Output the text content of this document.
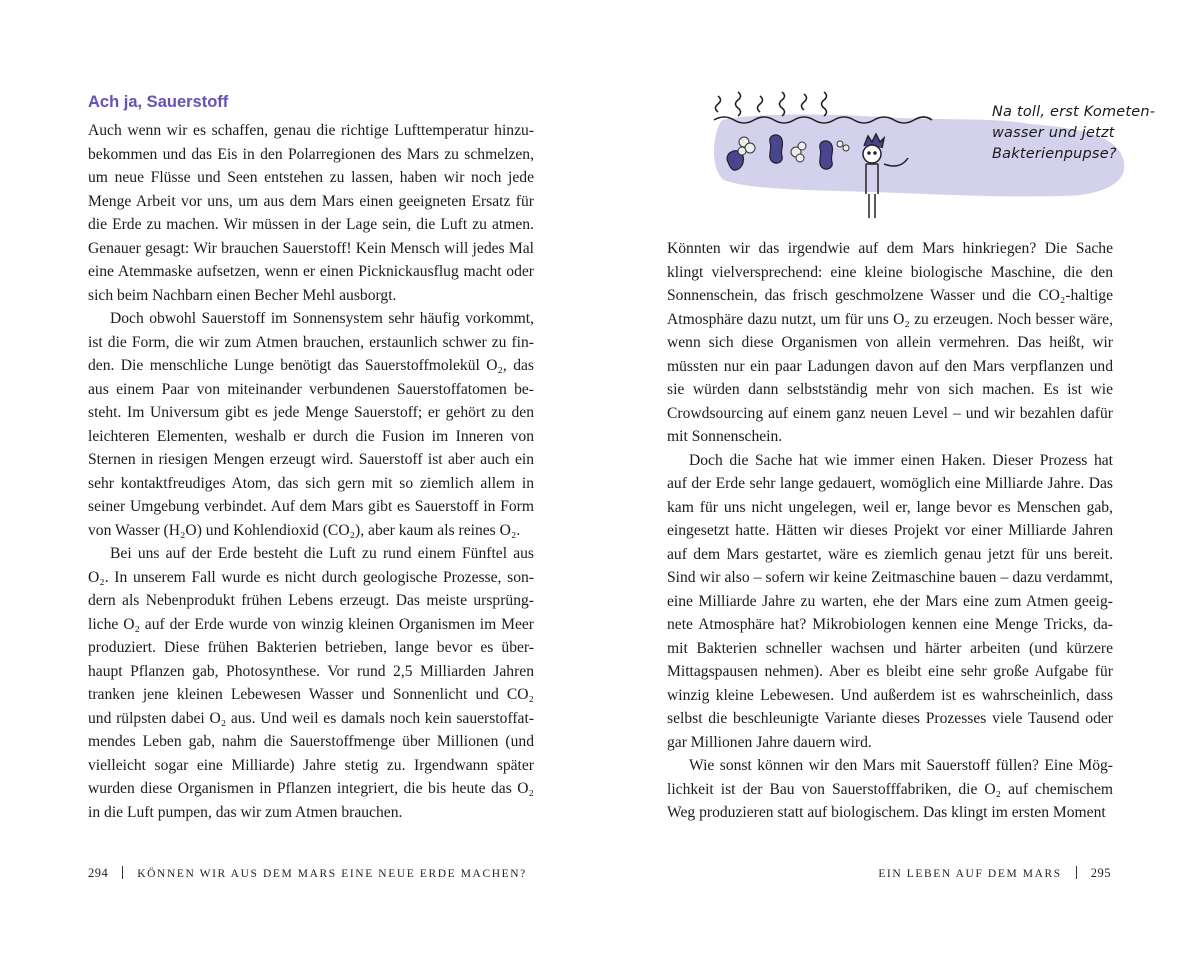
Ach ja, Sauerstoff

Auch wenn wir es schaffen, genau die richtige Lufttemperatur hinzu-
bekommen und das Eis in den Polarregionen des Mars zu schmelzen,
um neue Flüsse und Seen entstehen zu lassen, haben wir noch jede
Menge Arbeit vor uns, um aus dem Mars einen geeigneten Ersatz für
die Erde zu machen. Wir müssen in der Lage sein, die Luft zu atmen.
Genauer gesagt: Wir brauchen Sauerstoff! Kein Mensch will jedes Mal
eine Atemmaske aufsetzen, wenn er einen Picknickausflug macht oder
sich beim Nachbarn einen Becher Mehl ausborgt.

Doch obwohl Sauerstoff im Sonnensystem sehr häufig vorkommt,
ist die Form, die wir zum Atmen brauchen, erstaunlich schwer zu fin-
den. Die menschliche Lunge benötigt das Sauerstoffmolekül O₂, das
aus einem Paar von miteinander verbundenen Sauerstoffatomen be-
steht. Im Universum gibt es jede Menge Sauerstoff; er gehört zu den
leichteren Elementen, weshalb er durch die Fusion im Inneren von
Sternen in riesigen Mengen erzeugt wird. Sauerstoff ist aber auch ein
sehr kontaktfreudiges Atom, das sich gern mit so ziemlich allem in
seiner Umgebung verbindet. Auf dem Mars gibt es Sauerstoff in Form
von Wasser (H₂O) und Kohlendioxid (CO₂), aber kaum als reines O₂.

Bei uns auf der Erde besteht die Luft zu rund einem Fünftel aus
O₂. In unserem Fall wurde es nicht durch geologische Prozesse, son-
dern als Nebenprodukt frühen Lebens erzeugt. Das meiste ursprüng-
liche O₂ auf der Erde wurde von winzig kleinen Organismen im Meer
produziert. Diese frühen Bakterien betrieben, lange bevor es über-
haupt Pflanzen gab, Photosynthese. Vor rund 2,5 Milliarden Jahren
tranken jene kleinen Lebewesen Wasser und Sonnenlicht und CO₂
und rülpsten dabei O₂ aus. Und weil es damals noch kein sauerstoffat-
mendes Leben gab, nahm die Sauerstoffmenge über Millionen (und
vielleicht sogar eine Milliarde) Jahre stetig zu. Irgendwann später
wurden diese Organismen in Pflanzen integriert, die bis heute das O₂
in die Luft pumpen, das wir zum Atmen brauchen.

294	KÖNNEN WIR AUS DEM MARS EINE NEUE ERDE MACHEN?
Na toll, erst Kometen-
wasser und jetzt
Bakterienpupse?

Könnten wir das irgendwie auf dem Mars hinkriegen? Die Sache
klingt vielversprechend: eine kleine biologische Maschine, die den
Sonnenschein, das frisch geschmolzene Wasser und die CO₂-haltige
Atmosphäre dazu nutzt, um für uns O₂ zu erzeugen. Noch besser wäre,
wenn sich diese Organismen von allein vermehren. Das heißt, wir
müssten nur ein paar Ladungen davon auf den Mars verpflanzen und
sie würden dann selbstständig mehr von sich machen. Es ist wie
Crowdsourcing auf einem ganz neuen Level – und wir bezahlen dafür
mit Sonnenschein.

Doch die Sache hat wie immer einen Haken. Dieser Prozess hat
auf der Erde sehr lange gedauert, womöglich eine Milliarde Jahre. Das
kam für uns nicht ungelegen, weil er, lange bevor es Menschen gab,
eingesetzt hatte. Hätten wir dieses Projekt vor einer Milliarde Jahren
auf dem Mars gestartet, wäre es ziemlich genau jetzt für uns bereit.
Sind wir also – sofern wir keine Zeitmaschine bauen – dazu verdammt,
eine Milliarde Jahre zu warten, ehe der Mars eine zum Atmen geeig-
nete Atmosphäre hat? Mikrobiologen kennen eine Menge Tricks, da-
mit Bakterien schneller wachsen und härter arbeiten (und kürzere
Mittagspausen nehmen). Aber es bleibt eine sehr große Aufgabe für
winzig kleine Lebewesen. Und außerdem ist es wahrscheinlich, dass
selbst die beschleunigte Variante dieses Prozesses viele Tausend oder
gar Millionen Jahre dauern wird.

Wie sonst können wir den Mars mit Sauerstoff füllen? Eine Mög-
lichkeit ist der Bau von Sauerstofffabriken, die O₂ auf chemischem
Weg produzieren statt auf biologischem. Das klingt im ersten Moment

EIN LEBEN AUF DEM MARS 295
